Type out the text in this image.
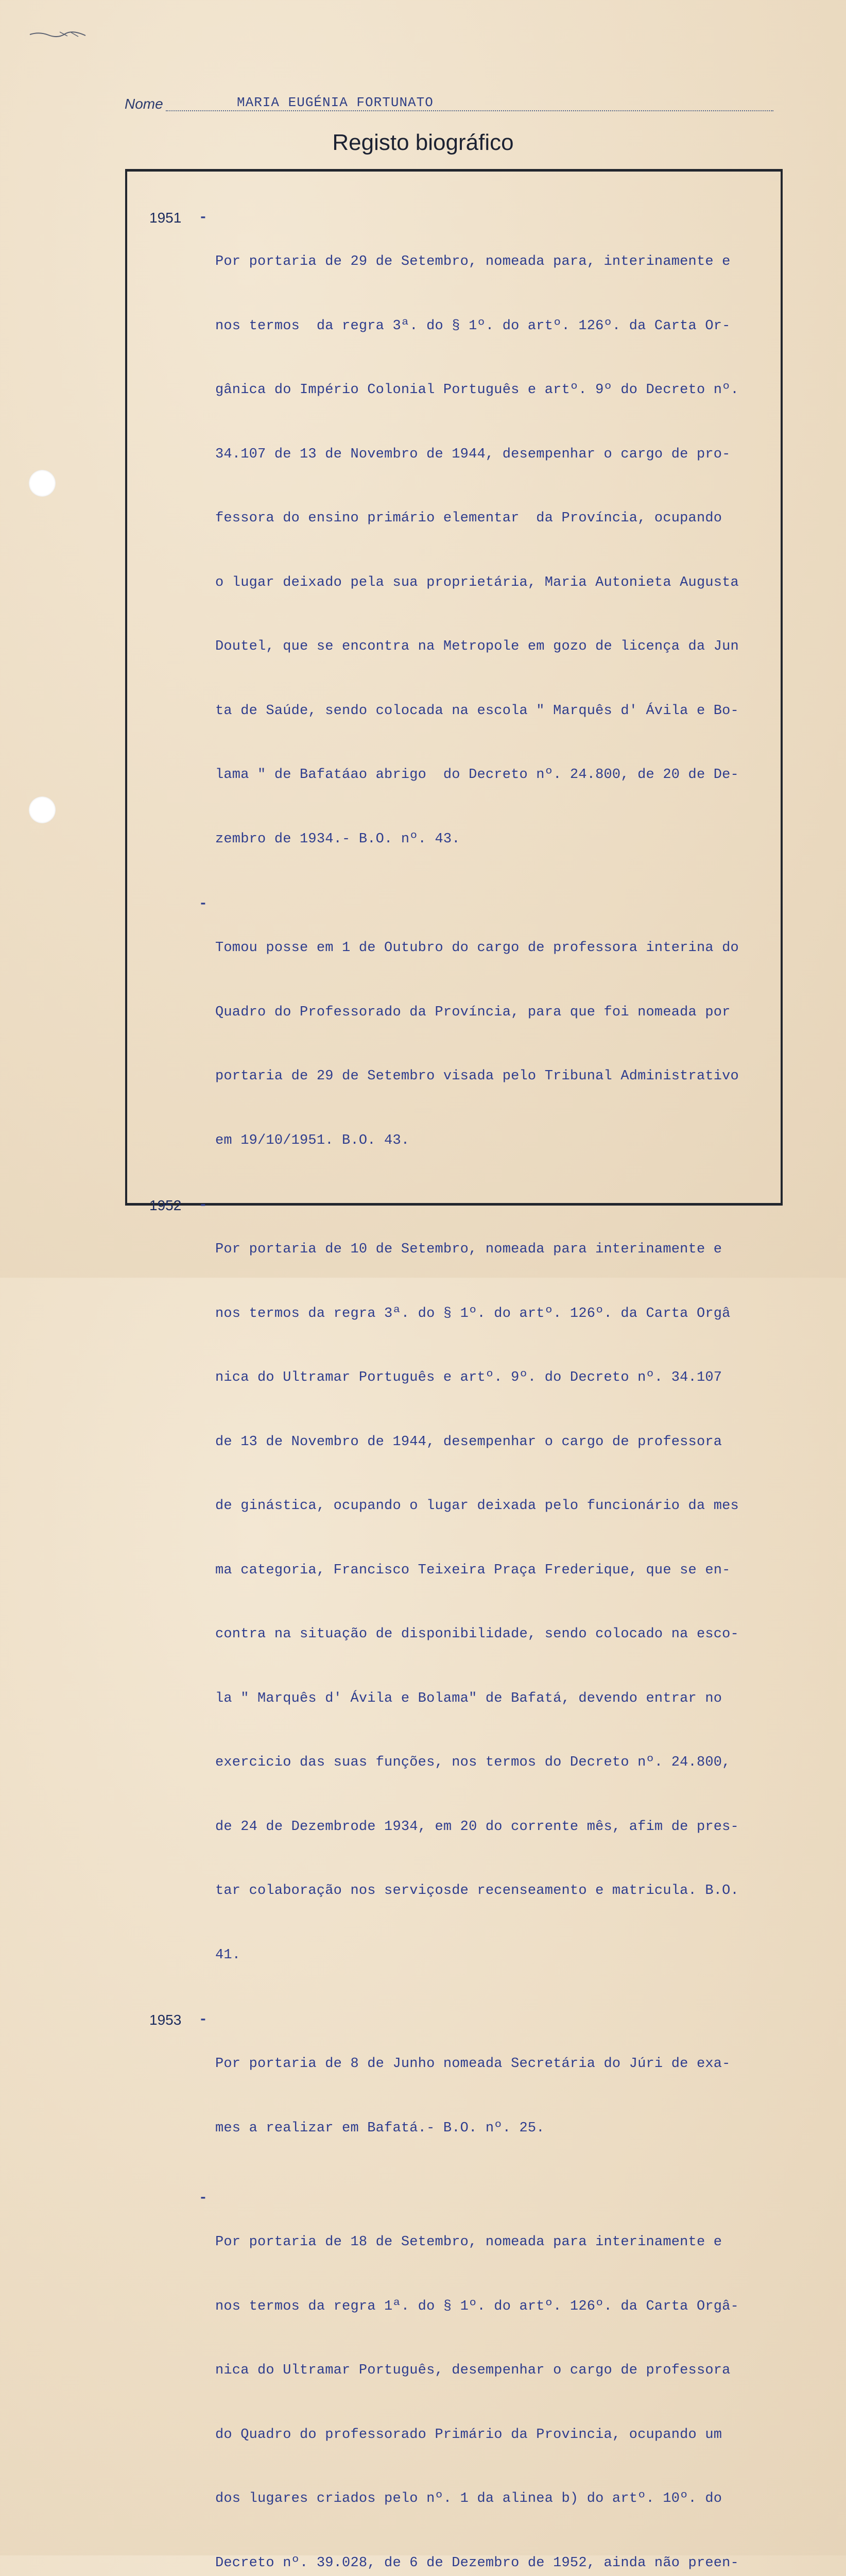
Nome	MARIA EUGÉNIA FORTUNATO
Registo biográfico
1951	-

Por portaria de 29 de Setembro, nomeada para, interinamente e

nos termos  da regra 3ª. do § 1º. do artº. 126º. da Carta Or-

gânica do Império Colonial Português e artº. 9º do Decreto nº.

34.107 de 13 de Novembro de 1944, desempenhar o cargo de pro-

fessora do ensino primário elementar  da Província, ocupando

o lugar deixado pela sua proprietária, Maria Autonieta Augusta

Doutel, que se encontra na Metropole em gozo de licença da Jun

ta de Saúde, sendo colocada na escola " Marquês d' Ávila e Bo-

lama " de Bafatáao abrigo  do Decreto nº. 24.800, de 20 de De-

zembro de 1934.- B.O. nº. 43.

-

Tomou posse em 1 de Outubro do cargo de professora interina do

Quadro do Professorado da Província, para que foi nomeada por

portaria de 29 de Setembro visada pelo Tribunal Administrativo

em 19/10/1951. B.O. 43.

1952	-

Por portaria de 10 de Setembro, nomeada para interinamente e

nos termos da regra 3ª. do § 1º. do artº. 126º. da Carta Orgâ

nica do Ultramar Português e artº. 9º. do Decreto nº. 34.107

de 13 de Novembro de 1944, desempenhar o cargo de professora

de ginástica, ocupando o lugar deixada pelo funcionário da mes

ma categoria, Francisco Teixeira Praça Frederique, que se en-

contra na situação de disponibilidade, sendo colocado na esco-

la " Marquês d' Ávila e Bolama" de Bafatá, devendo entrar no

exercicio das suas funções, nos termos do Decreto nº. 24.800,

de 24 de Dezembrode 1934, em 20 do corrente mês, afim de pres-

tar colaboração nos serviçosde recenseamento e matricula. B.O.

41.

1953	-

Por portaria de 8 de Junho nomeada Secretária do Júri de exa-

mes a realizar em Bafatá.- B.O. nº. 25.

-

Por portaria de 18 de Setembro, nomeada para interinamente e

nos termos da regra 1ª. do § 1º. do artº. 126º. da Carta Orgâ-

nica do Ultramar Português, desempenhar o cargo de professora

do Quadro do professorado Primário da Provincia, ocupando um

dos lugares criados pelo nº. 1 da alinea b) do artº. 10º. do

Decreto nº. 39.028, de 6 de Dezembro de 1952, ainda não preen-
